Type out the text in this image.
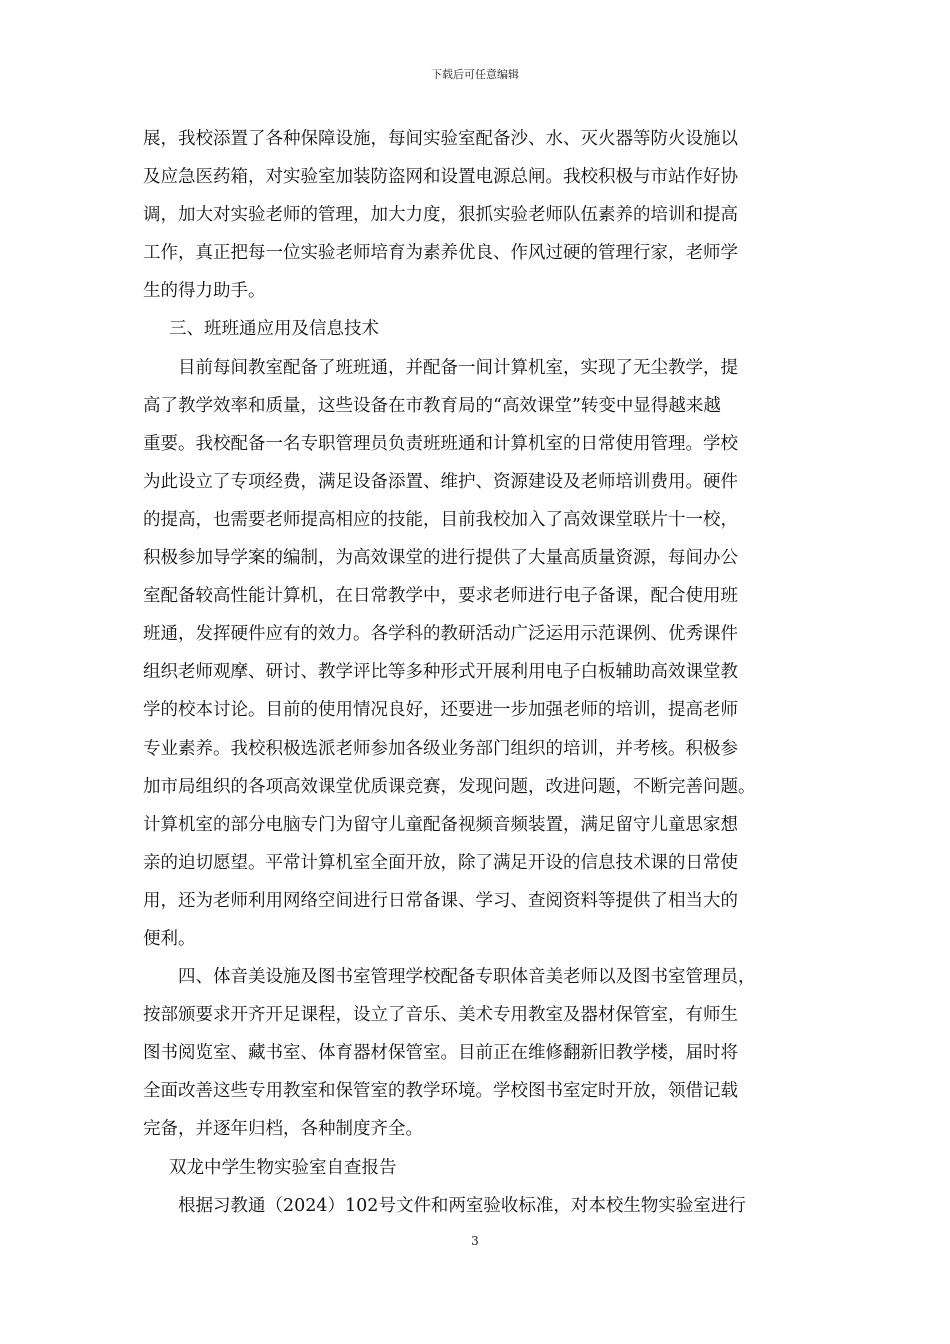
下载后可任意编辑
展，我校添置了各种保障设施，每间实验室配备沙、水、灭火器等防火设施以
及应急医药箱，对实验室加装防盗网和设置电源总闸。我校积极与市站作好协
调，加大对实验老师的管理，加大力度，狠抓实验老师队伍素养的培训和提高
工作，真正把每一位实验老师培育为素养优良、作风过硬的管理行家，老师学
生的得力助手。
三、班班通应用及信息技术
目前每间教室配备了班班通，并配备一间计算机室，实现了无尘教学，提
高了教学效率和质量，这些设备在市教育局的“高效课堂”转变中显得越来越
重要。我校配备一名专职管理员负责班班通和计算机室的日常使用管理。学校
为此设立了专项经费，满足设备添置、维护、资源建设及老师培训费用。硬件
的提高，也需要老师提高相应的技能，目前我校加入了高效课堂联片十一校，
积极参加导学案的编制，为高效课堂的进行提供了大量高质量资源，每间办公
室配备较高性能计算机，在日常教学中，要求老师进行电子备课，配合使用班
班通，发挥硬件应有的效力。各学科的教研活动广泛运用示范课例、优秀课件
组织老师观摩、研讨、教学评比等多种形式开展利用电子白板辅助高效课堂教
学的校本讨论。目前的使用情况良好，还要进一步加强老师的培训，提高老师
专业素养。我校积极选派老师参加各级业务部门组织的培训，并考核。积极参
加市局组织的各项高效课堂优质课竞赛，发现问题，改进问题，不断完善问题。
计算机室的部分电脑专门为留守儿童配备视频音频装置，满足留守儿童思家想
亲的迫切愿望。平常计算机室全面开放，除了满足开设的信息技术课的日常使
用，还为老师利用网络空间进行日常备课、学习、查阅资料等提供了相当大的
便利。
四、体音美设施及图书室管理学校配备专职体音美老师以及图书室管理员，
按部颁要求开齐开足课程，设立了音乐、美术专用教室及器材保管室，有师生
图书阅览室、藏书室、体育器材保管室。目前正在维修翻新旧教学楼，届时将
全面改善这些专用教室和保管室的教学环境。学校图书室定时开放，领借记载
完备，并逐年归档，各种制度齐全。
双龙中学生物实验室自查报告
根据习教通（2024）102号文件和两室验收标准，对本校生物实验室进行
3
